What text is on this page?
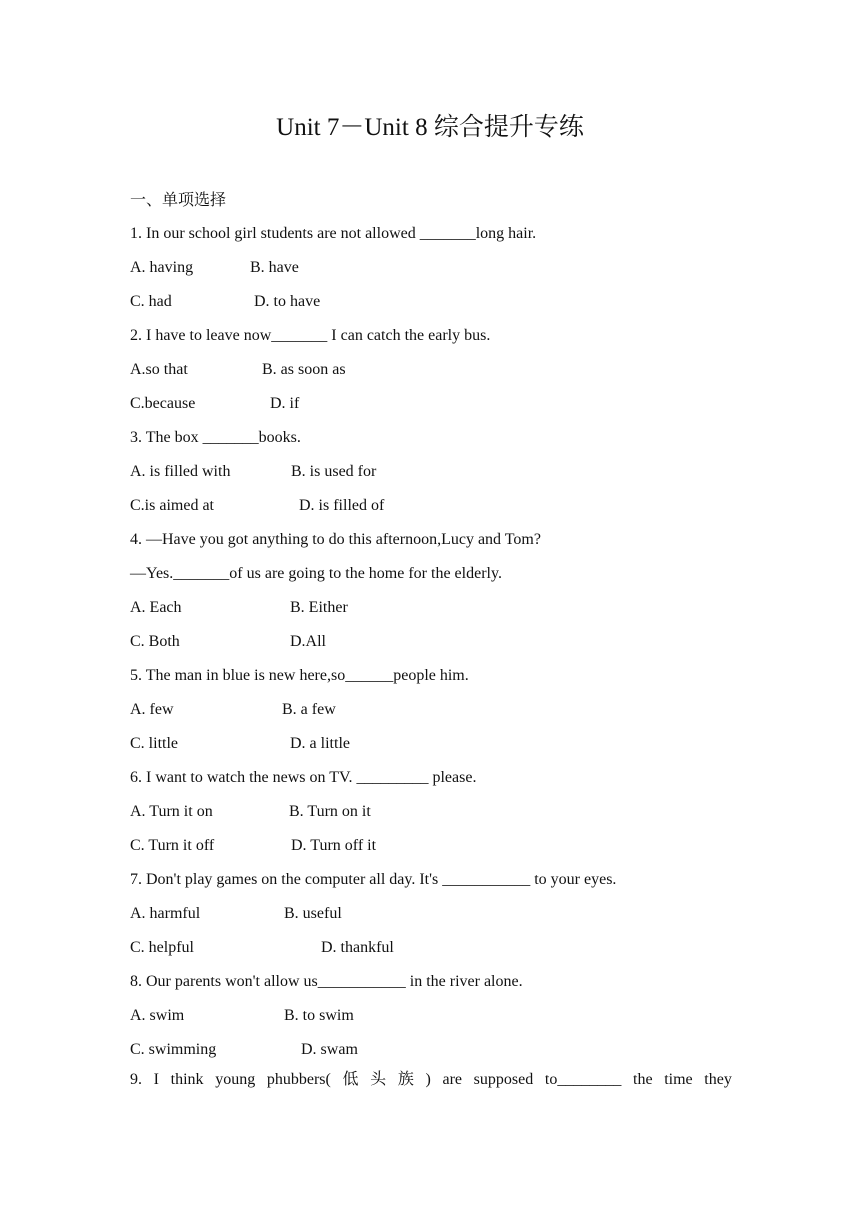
Unit 7－Unit 8 综合提升专练
一、单项选择
1. In our school girl students are not allowed _______long hair.
A. having	B. have
C. had	D. to have
2. I have to leave now_______ I can catch the early bus.
A.so that	B. as soon as
C.because	D. if
3. The box _______books.
A. is filled with	B. is used for
C.is aimed at	D. is filled of
4. —Have you got anything to do this afternoon,Lucy and Tom?
—Yes._______of us are going to the home for the elderly.
A. Each	B. Either
C. Both	D.All
5. The man in blue is new here,so______people him.
A. few	B. a few
C. little	D. a little
6. I want to watch the news on TV. _________ please.
A. Turn it on	B. Turn on it
C. Turn it off	D. Turn off it
7. Don't play games on the computer all day. It's ___________ to your eyes.
A. harmful	B. useful
C. helpful	D. thankful
8. Our parents won't allow us___________ in the river alone.
A. swim	B. to swim
C. swimming	D. swam
9. I think young phubbers( 低 头 族 ) are supposed to________ the time they
